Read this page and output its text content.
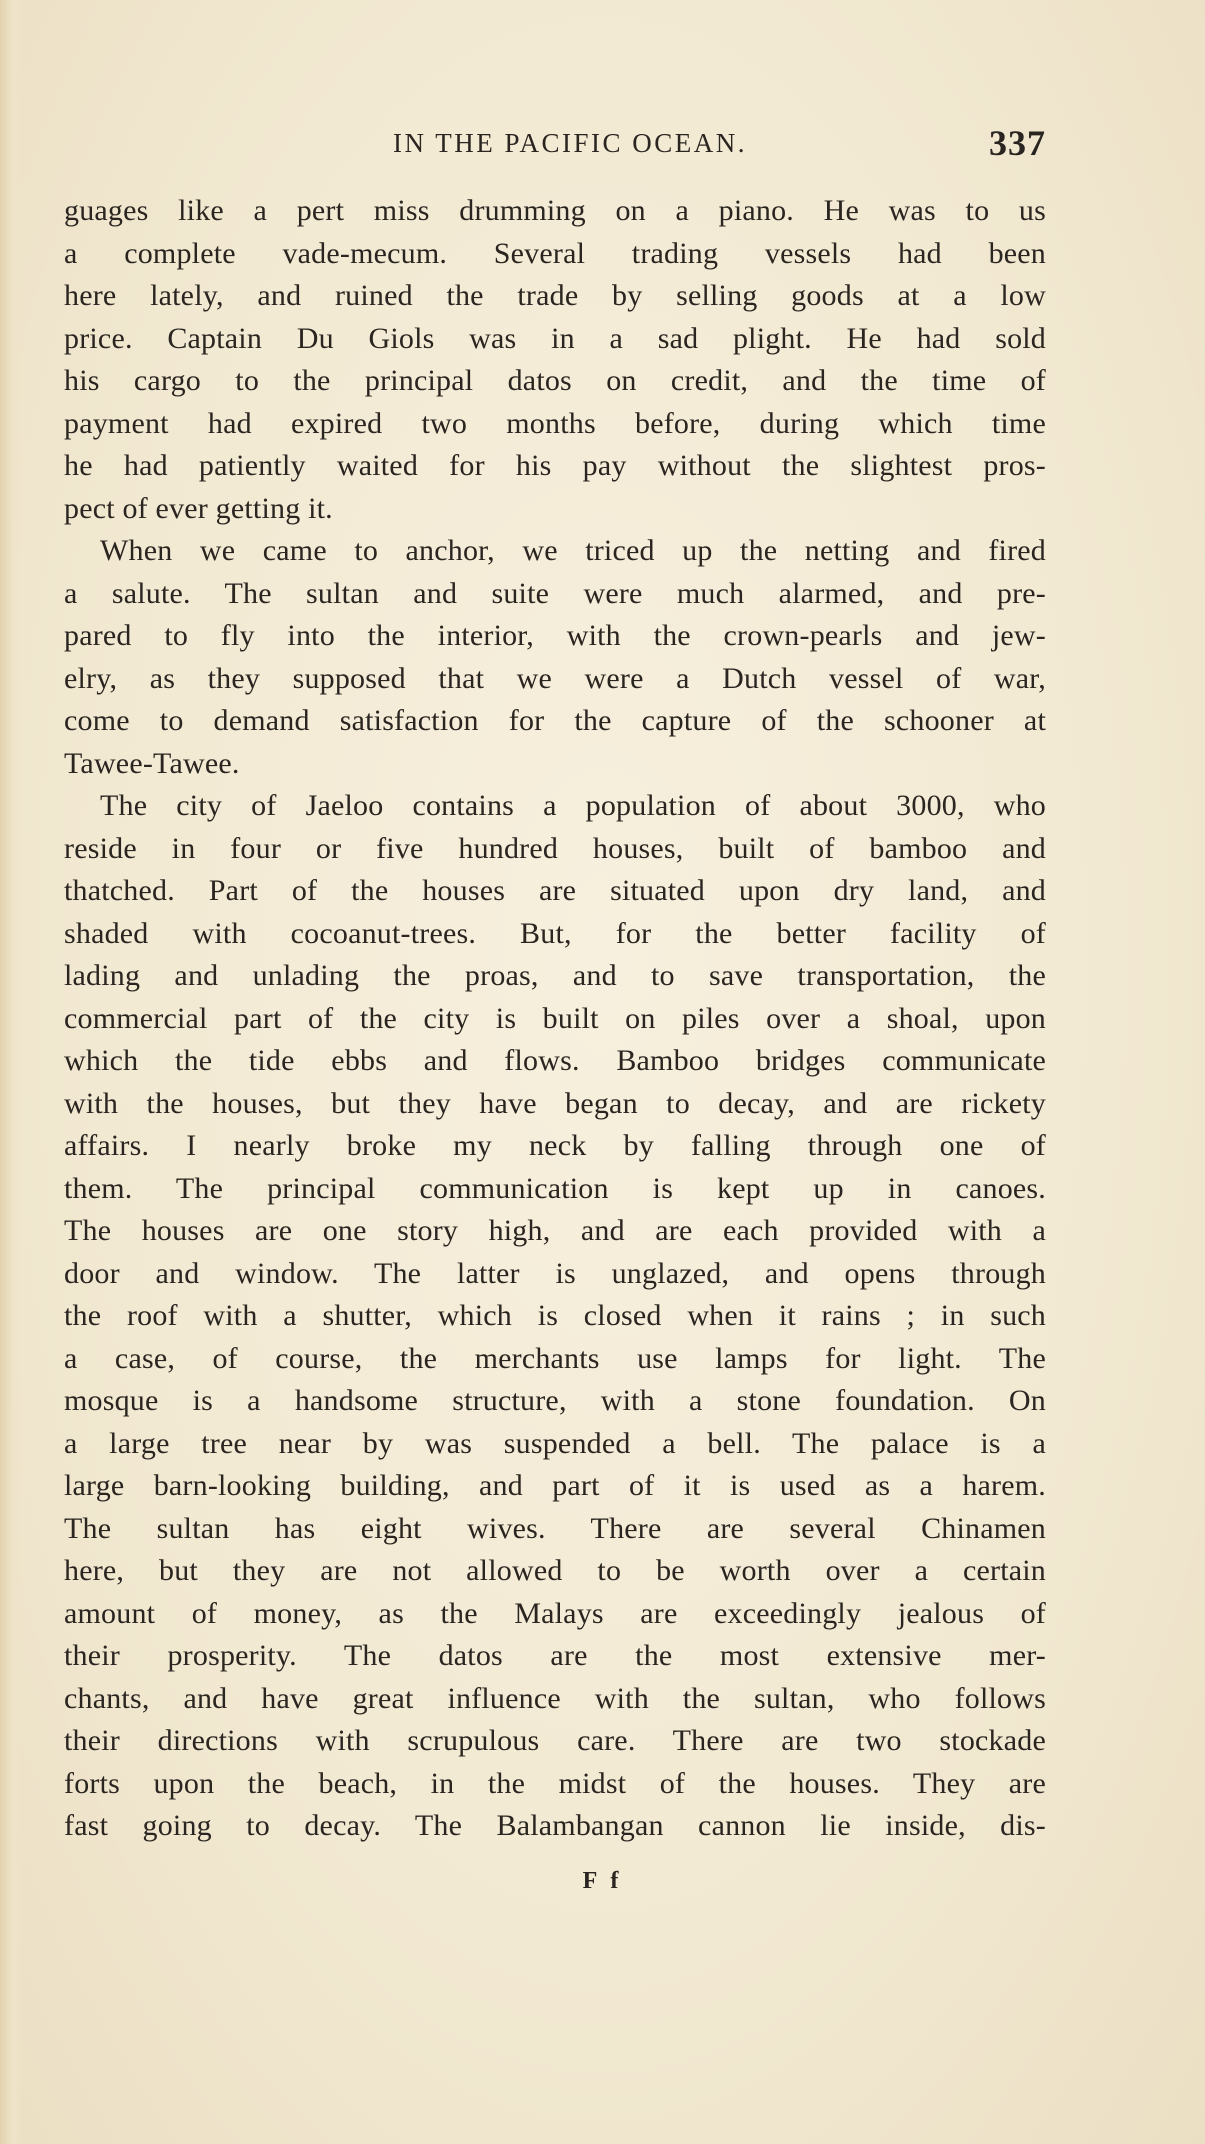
IN THE PACIFIC OCEAN.	337
guages like a pert miss drumming on a piano. He was to us
a complete vade-mecum. Several trading vessels had been
here lately, and ruined the trade by selling goods at a low
price. Captain Du Giols was in a sad plight. He had sold
his cargo to the principal datos on credit, and the time of
payment had expired two months before, during which time
he had patiently waited for his pay without the slightest pros-
pect of ever getting it.
When we came to anchor, we triced up the netting and fired
a salute. The sultan and suite were much alarmed, and pre-
pared to fly into the interior, with the crown-pearls and jew-
elry, as they supposed that we were a Dutch vessel of war,
come to demand satisfaction for the capture of the schooner at
Tawee-Tawee.
The city of Jaeloo contains a population of about 3000, who
reside in four or five hundred houses, built of bamboo and
thatched. Part of the houses are situated upon dry land, and
shaded with cocoanut-trees. But, for the better facility of
lading and unlading the proas, and to save transportation, the
commercial part of the city is built on piles over a shoal, upon
which the tide ebbs and flows. Bamboo bridges communicate
with the houses, but they have began to decay, and are rickety
affairs. I nearly broke my neck by falling through one of
them. The principal communication is kept up in canoes.
The houses are one story high, and are each provided with a
door and window. The latter is unglazed, and opens through
the roof with a shutter, which is closed when it rains ; in such
a case, of course, the merchants use lamps for light. The
mosque is a handsome structure, with a stone foundation. On
a large tree near by was suspended a bell. The palace is a
large barn-looking building, and part of it is used as a harem.
The sultan has eight wives. There are several Chinamen
here, but they are not allowed to be worth over a certain
amount of money, as the Malays are exceedingly jealous of
their prosperity. The datos are the most extensive mer-
chants, and have great influence with the sultan, who follows
their directions with scrupulous care. There are two stockade
forts upon the beach, in the midst of the houses. They are
fast going to decay. The Balambangan cannon lie inside, dis-
F f
